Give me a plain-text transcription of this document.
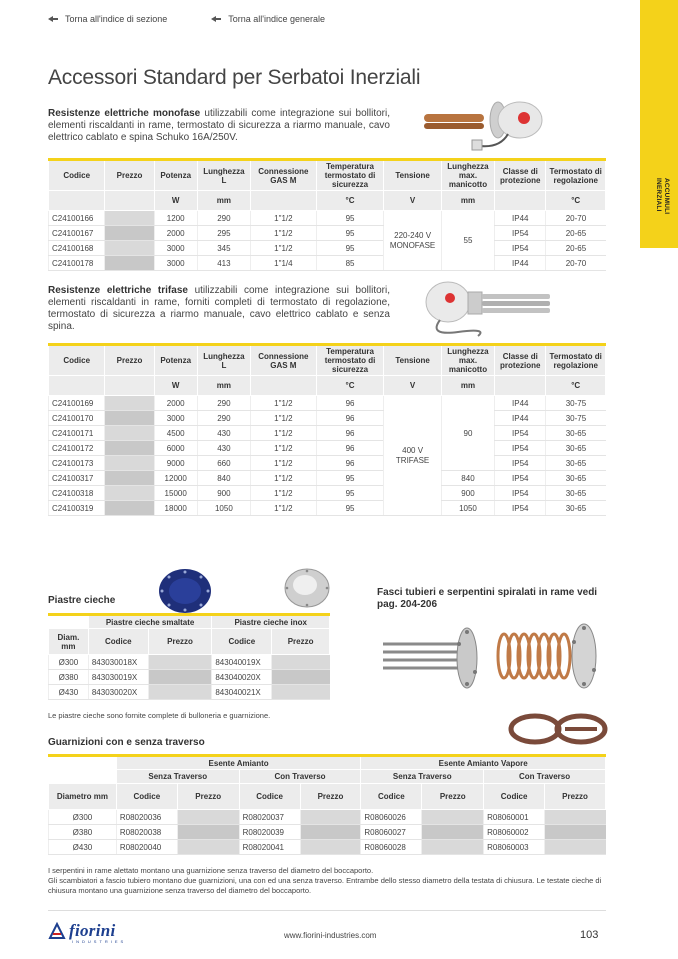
Torna all'indice di sezione	Torna all'indice generale
ACCUMULI
INERZIALI
Accessori Standard per Serbatoi Inerziali
Resistenze elettriche monofase utilizzabili come integrazione sui bollitori, elementi riscaldanti in rame, termostato di sicurezza a riarmo manuale, cavo elettrico cablato e spina Schuko 16A/250V.
Codice	Prezzo	Potenza	Lunghezza L	Connessione GAS M	Temperatura termostato di sicurezza	Tensione	Lunghezza max. manicotto	Classe di protezione	Termostato di regolazione
		W	mm		°C	V	mm		°C
C24100166		1200	290	1"1/2	95	220-240 V MONOFASE	55	IP44	20-70
C24100167		2000	295	1"1/2	95			IP54	20-65
C24100168		3000	345	1"1/2	95			IP54	20-65
C24100178		3000	413	1"1/4	85			IP44	20-70
Resistenze elettriche trifase utilizzabili come integrazione sui bollitori, elementi riscaldanti in rame, forniti completi di termostato di regolazione, termostato di sicurezza a riarmo manuale, cavo elettrico cablato e senza spina.
Codice	Prezzo	Potenza	Lunghezza L	Connessione GAS M	Temperatura termostato di sicurezza	Tensione	Lunghezza max. manicotto	Classe di protezione	Termostato di regolazione
		W	mm		°C	V	mm		°C
C24100169		2000	290	1"1/2	96	400 V TRIFASE	90	IP44	30-75
C24100170		3000	290	1"1/2	96			IP44	30-75
C24100171		4500	430	1"1/2	96			IP54	30-65
C24100172		6000	430	1"1/2	96			IP54	30-65
C24100173		9000	660	1"1/2	96			IP54	30-65
C24100317		12000	840	1"1/2	95		840	IP54	30-65
C24100318		15000	900	1"1/2	95		900	IP54	30-65
C24100319		18000	1050	1"1/2	95		1050	IP54	30-65
Piastre cieche
	Piastre cieche smaltate		Piastre cieche inox	
Diam. mm	Codice	Prezzo	Codice	Prezzo
Ø300	843030018X		843040019X	
Ø380	843030019X		843040020X	
Ø430	843030020X		843040021X	
Le piastre cieche sono fornite complete di bulloneria e guarnizione.
Fasci tubieri e serpentini spiralati in rame vedi pag. 204-206
Guarnizioni con e senza traverso
	Esente Amianto				Esente Amianto Vapore			
	Senza Traverso		Con Traverso		Senza Traverso		Con Traverso	
Diametro mm	Codice	Prezzo	Codice	Prezzo	Codice	Prezzo	Codice	Prezzo
Ø300	R08020036		R08020037		R08060026		R08060001	
Ø380	R08020038		R08020039		R08060027		R08060002	
Ø430	R08020040		R08020041		R08060028		R08060003	
I serpentini in rame alettato montano una guarnizione senza traverso del diametro del boccaporto.
Gli scambiatori a fascio tubiero montano due guarnizioni, una con ed una senza traverso. Entrambe dello stesso diametro della testata di chiusura. Le testate cieche di chiusura montano una guarnizione senza traverso del diametro del boccaporto.
fiorini
INDUSTRIES
www.fiorini-industries.com	103
